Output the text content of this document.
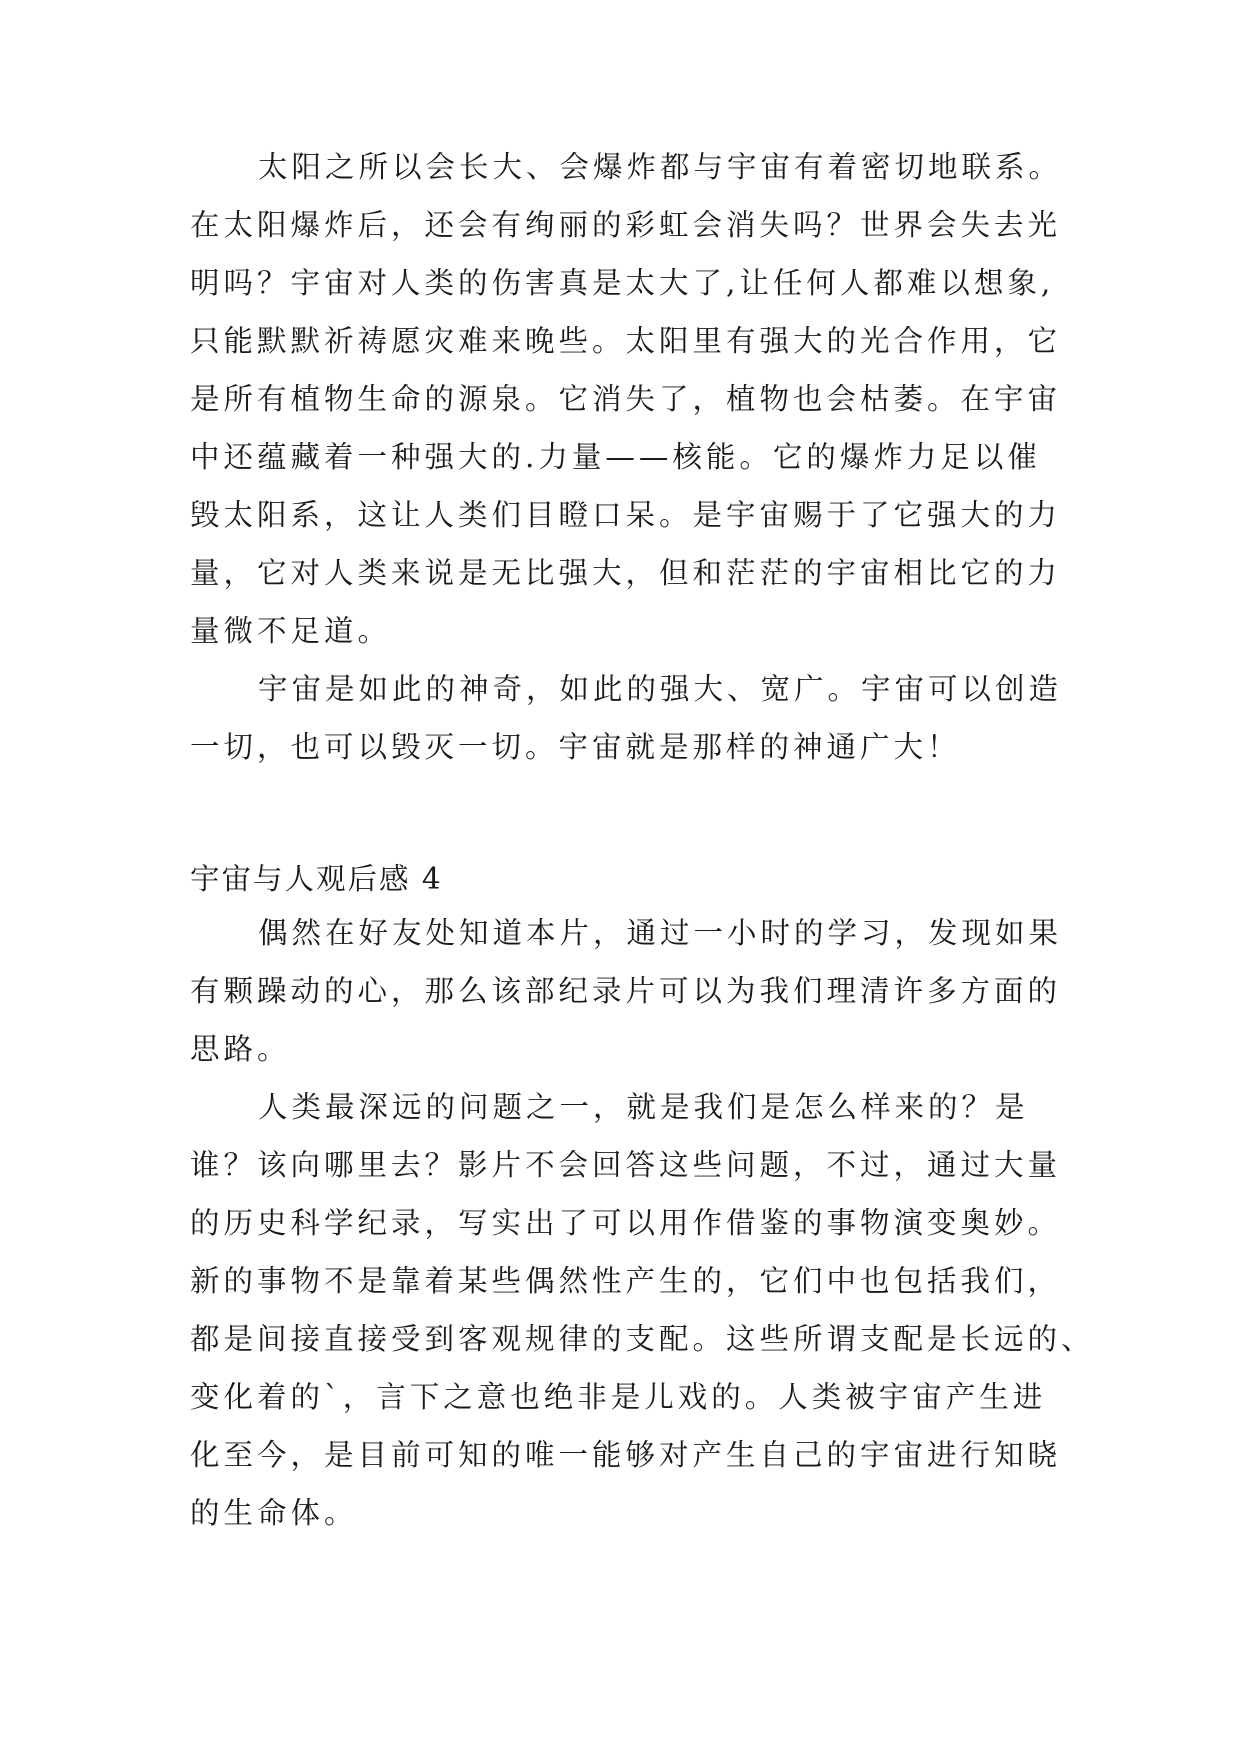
太阳之所以会长大、会爆炸都与宇宙有着密切地联系。
在太阳爆炸后，还会有绚丽的彩虹会消失吗？世界会失去光
明吗？宇宙对人类的伤害真是太大了,让任何人都难以想象,
只能默默祈祷愿灾难来晚些。太阳里有强大的光合作用，它
是所有植物生命的源泉。它消失了，植物也会枯萎。在宇宙
中还蕴藏着一种强大的.力量——核能。它的爆炸力足以催
毁太阳系，这让人类们目瞪口呆。是宇宙赐于了它强大的力
量，它对人类来说是无比强大，但和茫茫的宇宙相比它的力
量微不足道。
宇宙是如此的神奇，如此的强大、宽广。宇宙可以创造
一切，也可以毁灭一切。宇宙就是那样的神通广大！
宇宙与人观后感 4
偶然在好友处知道本片，通过一小时的学习，发现如果
有颗躁动的心，那么该部纪录片可以为我们理清许多方面的
思路。
人类最深远的问题之一，就是我们是怎么样来的？是
谁？该向哪里去？影片不会回答这些问题，不过，通过大量
的历史科学纪录，写实出了可以用作借鉴的事物演变奥妙。
新的事物不是靠着某些偶然性产生的，它们中也包括我们，
都是间接直接受到客观规律的支配。这些所谓支配是长远的、
变化着的`，言下之意也绝非是儿戏的。人类被宇宙产生进
化至今，是目前可知的唯一能够对产生自己的宇宙进行知晓
的生命体。
